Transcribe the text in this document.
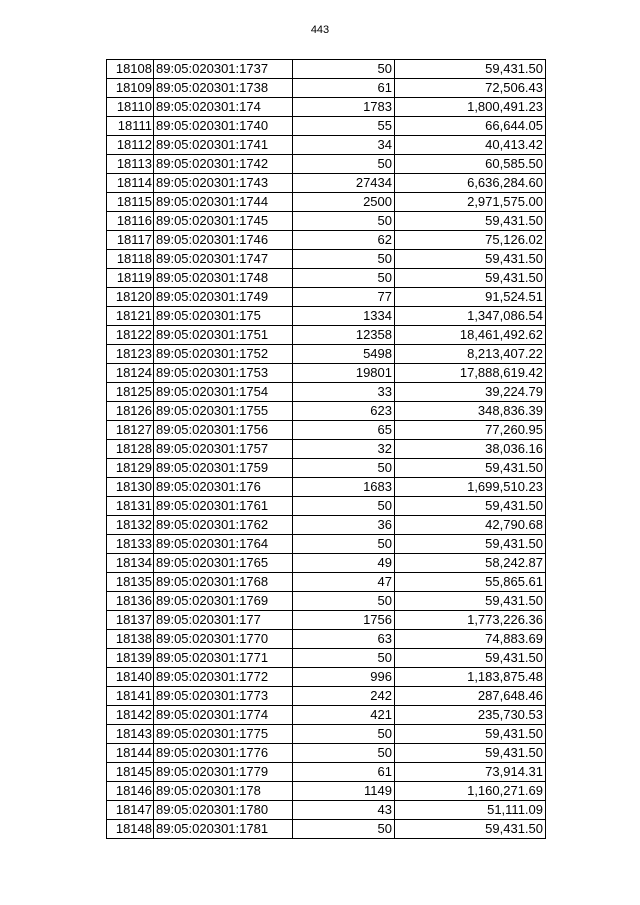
443
18108	89:05:020301:1737	50	59,431.50
18109	89:05:020301:1738	61	72,506.43
18110	89:05:020301:174	1783	1,800,491.23
18111	89:05:020301:1740	55	66,644.05
18112	89:05:020301:1741	34	40,413.42
18113	89:05:020301:1742	50	60,585.50
18114	89:05:020301:1743	27434	6,636,284.60
18115	89:05:020301:1744	2500	2,971,575.00
18116	89:05:020301:1745	50	59,431.50
18117	89:05:020301:1746	62	75,126.02
18118	89:05:020301:1747	50	59,431.50
18119	89:05:020301:1748	50	59,431.50
18120	89:05:020301:1749	77	91,524.51
18121	89:05:020301:175	1334	1,347,086.54
18122	89:05:020301:1751	12358	18,461,492.62
18123	89:05:020301:1752	5498	8,213,407.22
18124	89:05:020301:1753	19801	17,888,619.42
18125	89:05:020301:1754	33	39,224.79
18126	89:05:020301:1755	623	348,836.39
18127	89:05:020301:1756	65	77,260.95
18128	89:05:020301:1757	32	38,036.16
18129	89:05:020301:1759	50	59,431.50
18130	89:05:020301:176	1683	1,699,510.23
18131	89:05:020301:1761	50	59,431.50
18132	89:05:020301:1762	36	42,790.68
18133	89:05:020301:1764	50	59,431.50
18134	89:05:020301:1765	49	58,242.87
18135	89:05:020301:1768	47	55,865.61
18136	89:05:020301:1769	50	59,431.50
18137	89:05:020301:177	1756	1,773,226.36
18138	89:05:020301:1770	63	74,883.69
18139	89:05:020301:1771	50	59,431.50
18140	89:05:020301:1772	996	1,183,875.48
18141	89:05:020301:1773	242	287,648.46
18142	89:05:020301:1774	421	235,730.53
18143	89:05:020301:1775	50	59,431.50
18144	89:05:020301:1776	50	59,431.50
18145	89:05:020301:1779	61	73,914.31
18146	89:05:020301:178	1149	1,160,271.69
18147	89:05:020301:1780	43	51,111.09
18148	89:05:020301:1781	50	59,431.50
